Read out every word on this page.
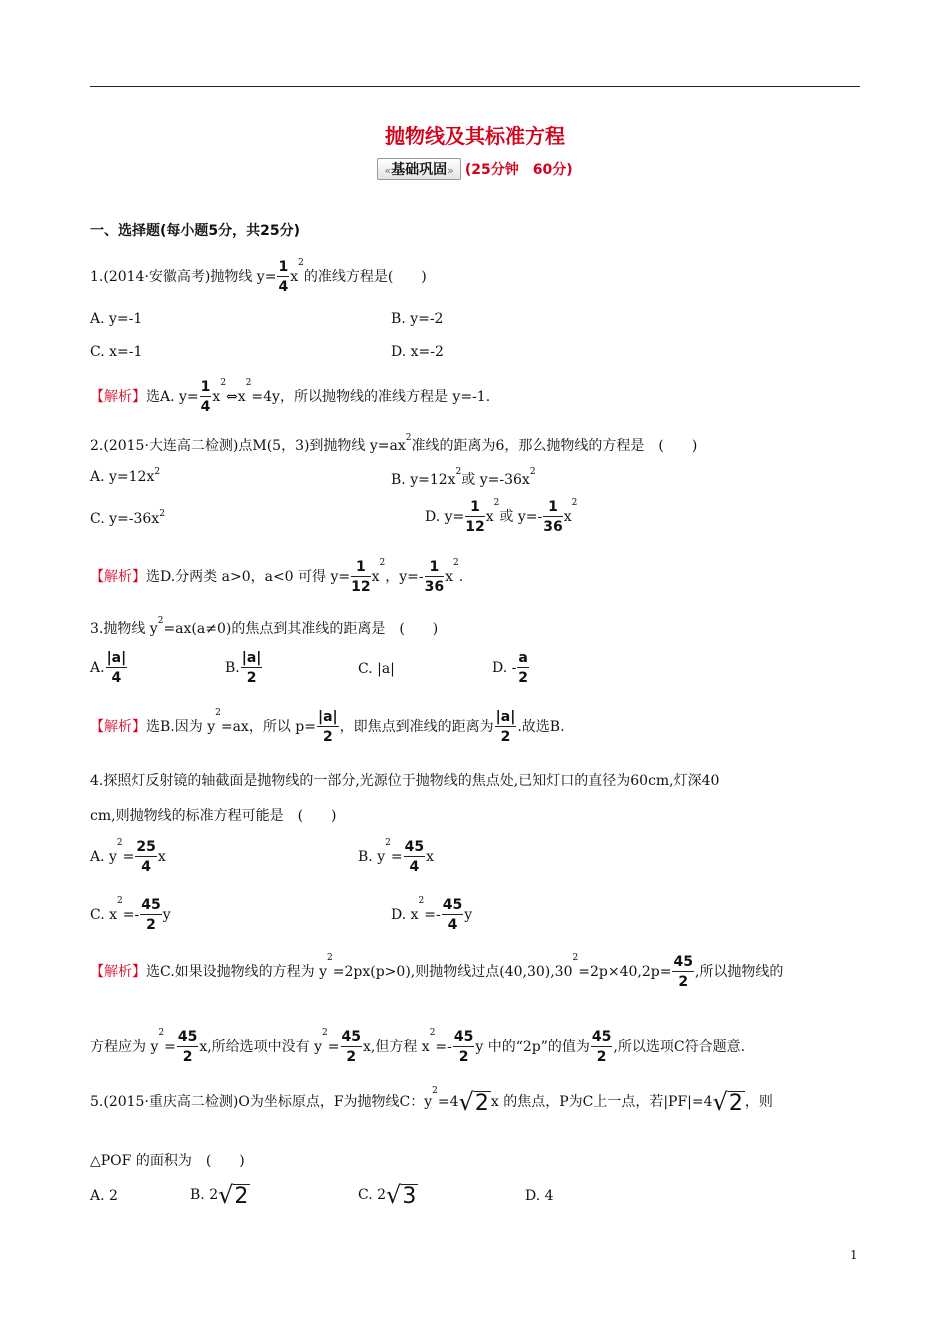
抛物线及其标准方程
«基础巩固» (25分钟　60分)
一、选择题(每小题5分，共25分)
1.(2014·安徽高考)抛物线 $y= \frac{1}{4} x^2$的准线方程是(　　)
A. y=-1	B. y=-2
C. x=-1	D. x=-2
【解析】选A. $y= \frac{1}{4}$ $x^2\Leftrightarrow x^2=4y$，所以抛物线的准线方程是 y=-1.
2.(2015·大连高二检测)点M(5，3)到抛物线 $y=ax^2$准线的距离为6，那么抛物线的方程是　(　　)
A. $y=12x^2$	B. $y=12x^2$或 $y=-36x^2$
C. $y=-36x^2$	D. $y= \frac{1}{12} x^2$或 $y=- \frac{1}{36} x^2$
【解析】选D.分两类 a>0，a<0 可得 $y= \frac{1}{12} x^2$，$y=- \frac{1}{36} x^2$.
3.抛物线 $y^2=ax(a\ne 0)$的焦点到其准线的距离是　(　　)
A. $\frac{|a|}{4}$	B. $\frac{|a|}{2}$	C. |a|	D. - $\frac{a}{2}$
【解析】选B.因为 $y^2=ax$，所以 $p= \frac{|a|}{2}$ ，即焦点到准线的距离为 $\frac{|a|}{2}$ .故选B.
4.探照灯反射镜的轴截面是抛物线的一部分,光源位于抛物线的焦点处,已知灯口的直径为60cm,灯深40
cm,则抛物线的标准方程可能是　(　　)
A. $y^2= \frac{25}{4}$ x	B. $y^2= \frac{45}{4}$ x
C. $x^2=- \frac{45}{2}$ y	D. $x^2=- \frac{45}{4}$ y
【解析】选C.如果设抛物线的方程为 $y^2=2px(p>0)$,则抛物线过点$(40,30),30^2=2p\times 40,2p= \frac{45}{2}$ ,所以抛物线的
方程应为 $y^2= \frac{45}{2} x$,所给选项中没有 $y^2= \frac{45}{2} x$,但方程 $x^2=- \frac{45}{2}$ y 中的“2p”的值为 $\frac{45}{2}$ ,所以选项C符合题意.
5.(2015·重庆高二检测)O为坐标原点，F为抛物线C：$y^2=4√2$ x 的焦点，P为C上一点，若|PF|=4√2 ，则
△POF 的面积为　(　　)
A. 2	B. 2√2	C. 2√3	D. 4
1
